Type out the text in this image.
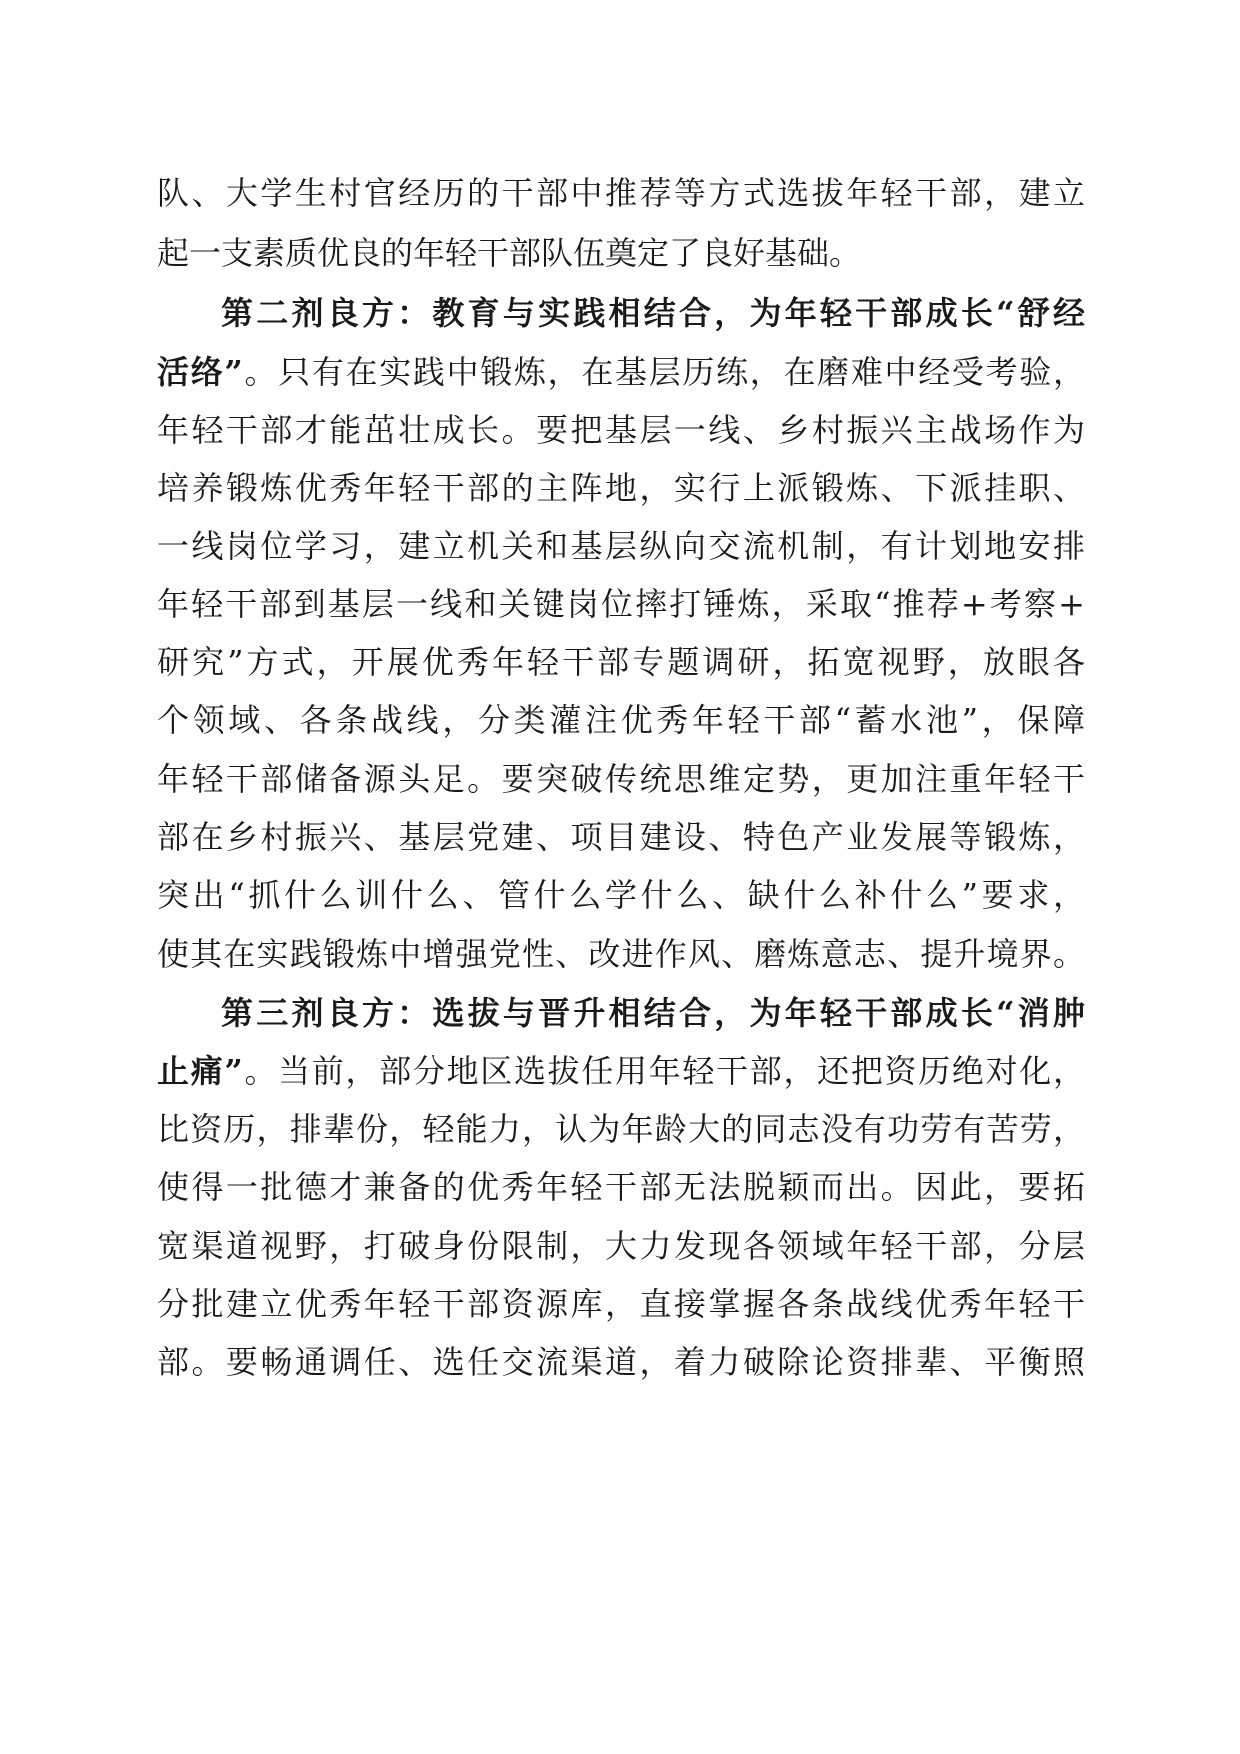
队、大学生村官经历的干部中推荐等方式选拔年轻干部，建立
起一支素质优良的年轻干部队伍奠定了良好基础。
第二剂良方：教育与实践相结合，为年轻干部成长“舒经
活络”。只有在实践中锻炼，在基层历练，在磨难中经受考验，
年轻干部才能茁壮成长。要把基层一线、乡村振兴主战场作为
培养锻炼优秀年轻干部的主阵地，实行上派锻炼、下派挂职、
一线岗位学习，建立机关和基层纵向交流机制，有计划地安排
年轻干部到基层一线和关键岗位摔打锤炼，采取“推荐+考察+
研究”方式，开展优秀年轻干部专题调研，拓宽视野，放眼各
个领域、各条战线，分类灌注优秀年轻干部“蓄水池”，保障
年轻干部储备源头足。要突破传统思维定势，更加注重年轻干
部在乡村振兴、基层党建、项目建设、特色产业发展等锻炼，
突出“抓什么训什么、管什么学什么、缺什么补什么”要求，
使其在实践锻炼中增强党性、改进作风、磨炼意志、提升境界。
第三剂良方：选拔与晋升相结合，为年轻干部成长“消肿
止痛”。当前，部分地区选拔任用年轻干部，还把资历绝对化，
比资历，排辈份，轻能力，认为年龄大的同志没有功劳有苦劳，
使得一批德才兼备的优秀年轻干部无法脱颖而出。因此，要拓
宽渠道视野，打破身份限制，大力发现各领域年轻干部，分层
分批建立优秀年轻干部资源库，直接掌握各条战线优秀年轻干
部。要畅通调任、选任交流渠道，着力破除论资排辈、平衡照
